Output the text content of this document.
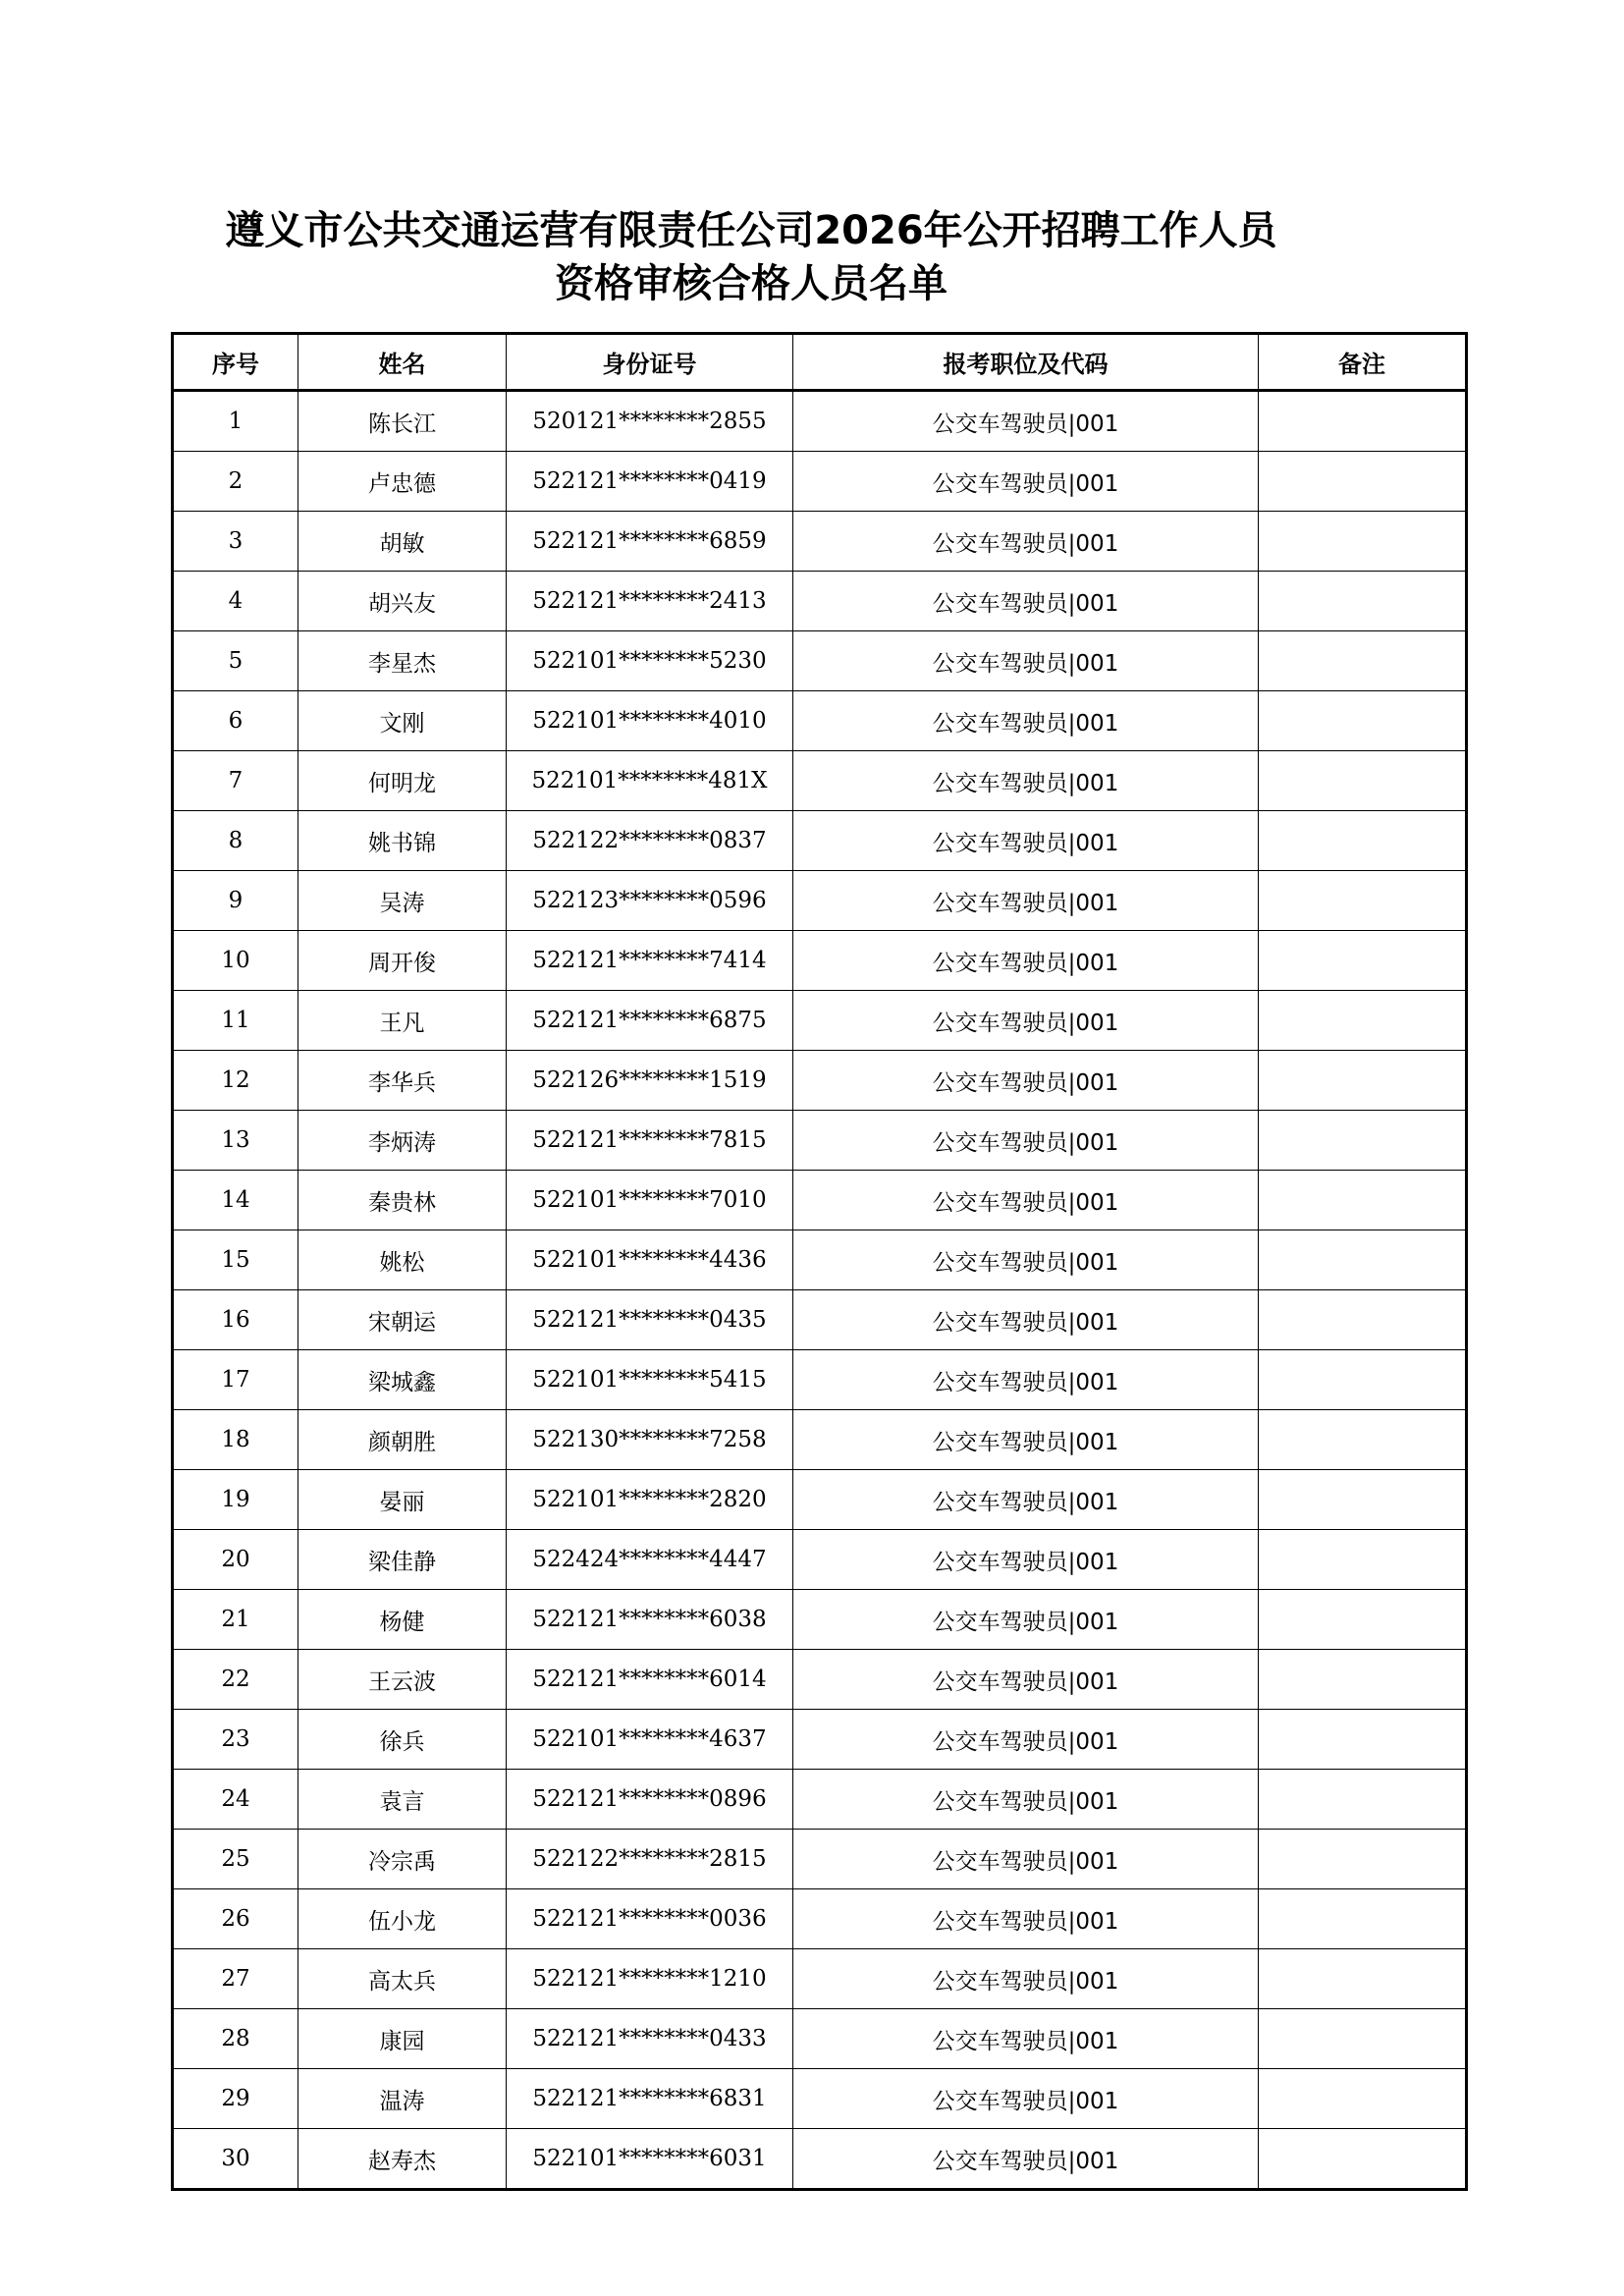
遵义市公共交通运营有限责任公司2026年公开招聘工作人员
资格审核合格人员名单
序号	姓名	身份证号	报考职位及代码	备注
1	陈长江	520121********2855	公交车驾驶员|001	
2	卢忠德	522121********0419	公交车驾驶员|001	
3	胡敏	522121********6859	公交车驾驶员|001	
4	胡兴友	522121********2413	公交车驾驶员|001	
5	李星杰	522101********5230	公交车驾驶员|001	
6	文刚	522101********4010	公交车驾驶员|001	
7	何明龙	522101********481X	公交车驾驶员|001	
8	姚书锦	522122********0837	公交车驾驶员|001	
9	吴涛	522123********0596	公交车驾驶员|001	
10	周开俊	522121********7414	公交车驾驶员|001	
11	王凡	522121********6875	公交车驾驶员|001	
12	李华兵	522126********1519	公交车驾驶员|001	
13	李炳涛	522121********7815	公交车驾驶员|001	
14	秦贵林	522101********7010	公交车驾驶员|001	
15	姚松	522101********4436	公交车驾驶员|001	
16	宋朝运	522121********0435	公交车驾驶员|001	
17	梁城鑫	522101********5415	公交车驾驶员|001	
18	颜朝胜	522130********7258	公交车驾驶员|001	
19	晏丽	522101********2820	公交车驾驶员|001	
20	梁佳静	522424********4447	公交车驾驶员|001	
21	杨健	522121********6038	公交车驾驶员|001	
22	王云波	522121********6014	公交车驾驶员|001	
23	徐兵	522101********4637	公交车驾驶员|001	
24	袁言	522121********0896	公交车驾驶员|001	
25	冷宗禹	522122********2815	公交车驾驶员|001	
26	伍小龙	522121********0036	公交车驾驶员|001	
27	高太兵	522121********1210	公交车驾驶员|001	
28	康园	522121********0433	公交车驾驶员|001	
29	温涛	522121********6831	公交车驾驶员|001	
30	赵寿杰	522101********6031	公交车驾驶员|001	
